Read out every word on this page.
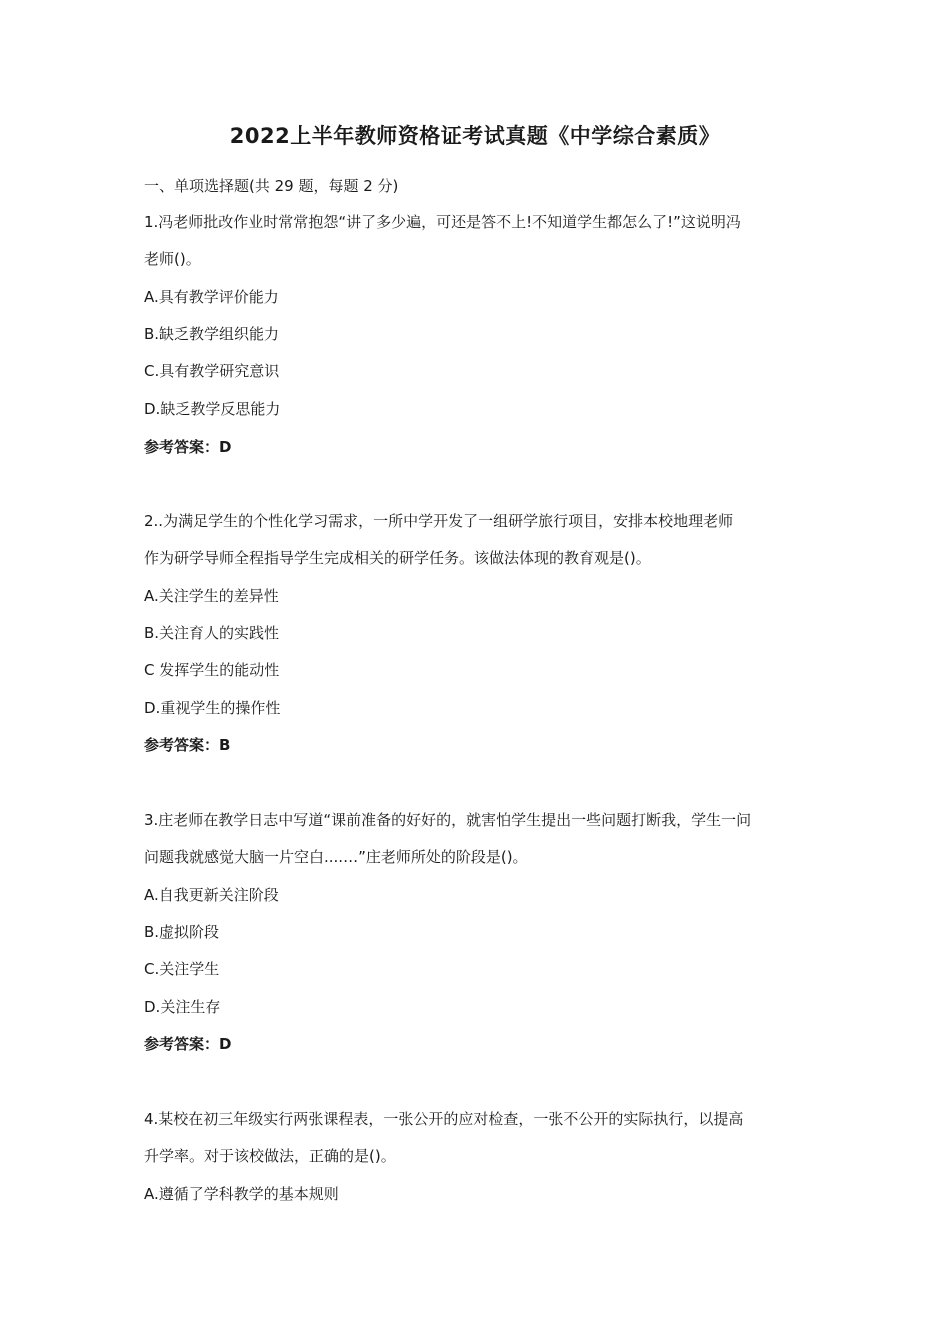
2022上半年教师资格证考试真题《中学综合素质》
一、单项选择题(共 29 题，每题 2 分)
1.冯老师批改作业时常常抱怨“讲了多少遍，可还是答不上!不知道学生都怎么了!”这说明冯
老师()。
A.具有教学评价能力
B.缺乏教学组织能力
C.具有教学研究意识
D.缺乏教学反思能力
参考答案：D
2..为满足学生的个性化学习需求，一所中学开发了一组研学旅行项目，安排本校地理老师
作为研学导师全程指导学生完成相关的研学任务。该做法体现的教育观是()。
A.关注学生的差异性
B.关注育人的实践性
C 发挥学生的能动性
D.重视学生的操作性
参考答案：B
3.庄老师在教学日志中写道“课前准备的好好的，就害怕学生提出一些问题打断我，学生一问
问题我就感觉大脑一片空白....…”庄老师所处的阶段是()。
A.自我更新关注阶段
B.虚拟阶段
C.关注学生
D.关注生存
参考答案：D
4.某校在初三年级实行两张课程表，一张公开的应对检查，一张不公开的实际执行，以提高
升学率。对于该校做法，正确的是()。
A.遵循了学科教学的基本规则
